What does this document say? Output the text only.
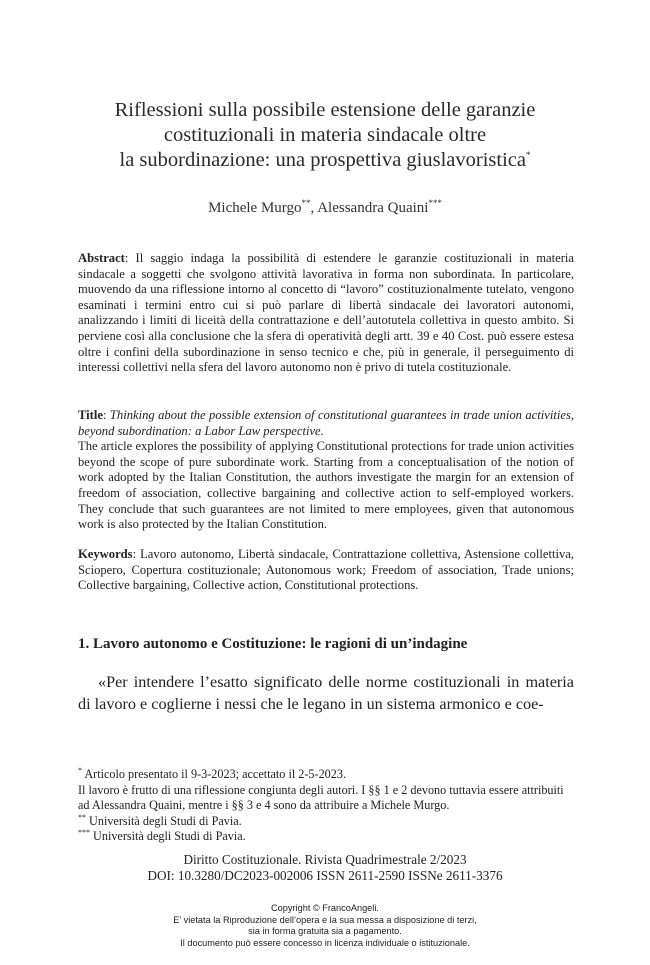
Riflessioni sulla possibile estensione delle garanzie
costituzionali in materia sindacale oltre
la subordinazione: una prospettiva giuslavoristica*
Michele Murgo**, Alessandra Quaini***
Abstract: Il saggio indaga la possibilità di estendere le garanzie costituzionali in materia sindacale a soggetti che svolgono attività lavorativa in forma non subordinata. In particolare, muovendo da una riflessione intorno al concetto di “lavoro” costituzionalmente tutelato, vengono esaminati i termini entro cui si può parlare di libertà sindacale dei lavoratori autonomi, analizzando i limiti di liceità della contrattazione e dell’autotutela collettiva in questo ambito. Si perviene così alla conclusione che la sfera di operatività degli artt. 39 e 40 Cost. può essere estesa oltre i confini della subordinazione in senso tecnico e che, più in generale, il perseguimento di interessi collettivi nella sfera del lavoro autonomo non è privo di tutela costituzionale.
Title: Thinking about the possible extension of constitutional guarantees in trade union activities, beyond subordination: a Labor Law perspective.
The article explores the possibility of applying Constitutional protections for trade union activities beyond the scope of pure subordinate work. Starting from a conceptualisation of the notion of work adopted by the Italian Constitution, the authors investigate the margin for an extension of freedom of association, collective bargaining and collective action to self-employed workers. They conclude that such guarantees are not limited to mere employees, given that autonomous work is also protected by the Italian Constitution.
Keywords: Lavoro autonomo, Libertà sindacale, Contrattazione collettiva, Astensione collettiva, Sciopero, Copertura costituzionale; Autonomous work; Freedom of association, Trade unions; Collective bargaining, Collective action, Constitutional protections.
1. Lavoro autonomo e Costituzione: le ragioni di un’indagine
«Per intendere l’esatto significato delle norme costituzionali in materia di lavoro e coglierne i nessi che le legano in un sistema armonico e coe-
* Articolo presentato il 9-3-2023; accettato il 2-5-2023.
Il lavoro è frutto di una riflessione congiunta degli autori. I §§ 1 e 2 devono tuttavia essere attribuiti ad Alessandra Quaini, mentre i §§ 3 e 4 sono da attribuire a Michele Murgo.
** Università degli Studi di Pavia.
*** Università degli Studi di Pavia.
Diritto Costituzionale. Rivista Quadrimestrale 2/2023
DOI: 10.3280/DC2023-002006 ISSN 2611-2590 ISSNe 2611-3376
Copyright © FrancoAngeli.
E’ vietata la Riproduzione dell’opera e la sua messa a disposizione di terzi,
sia in forma gratuita sia a pagamento.
Il documento può essere concesso in licenza individuale o istituzionale.
